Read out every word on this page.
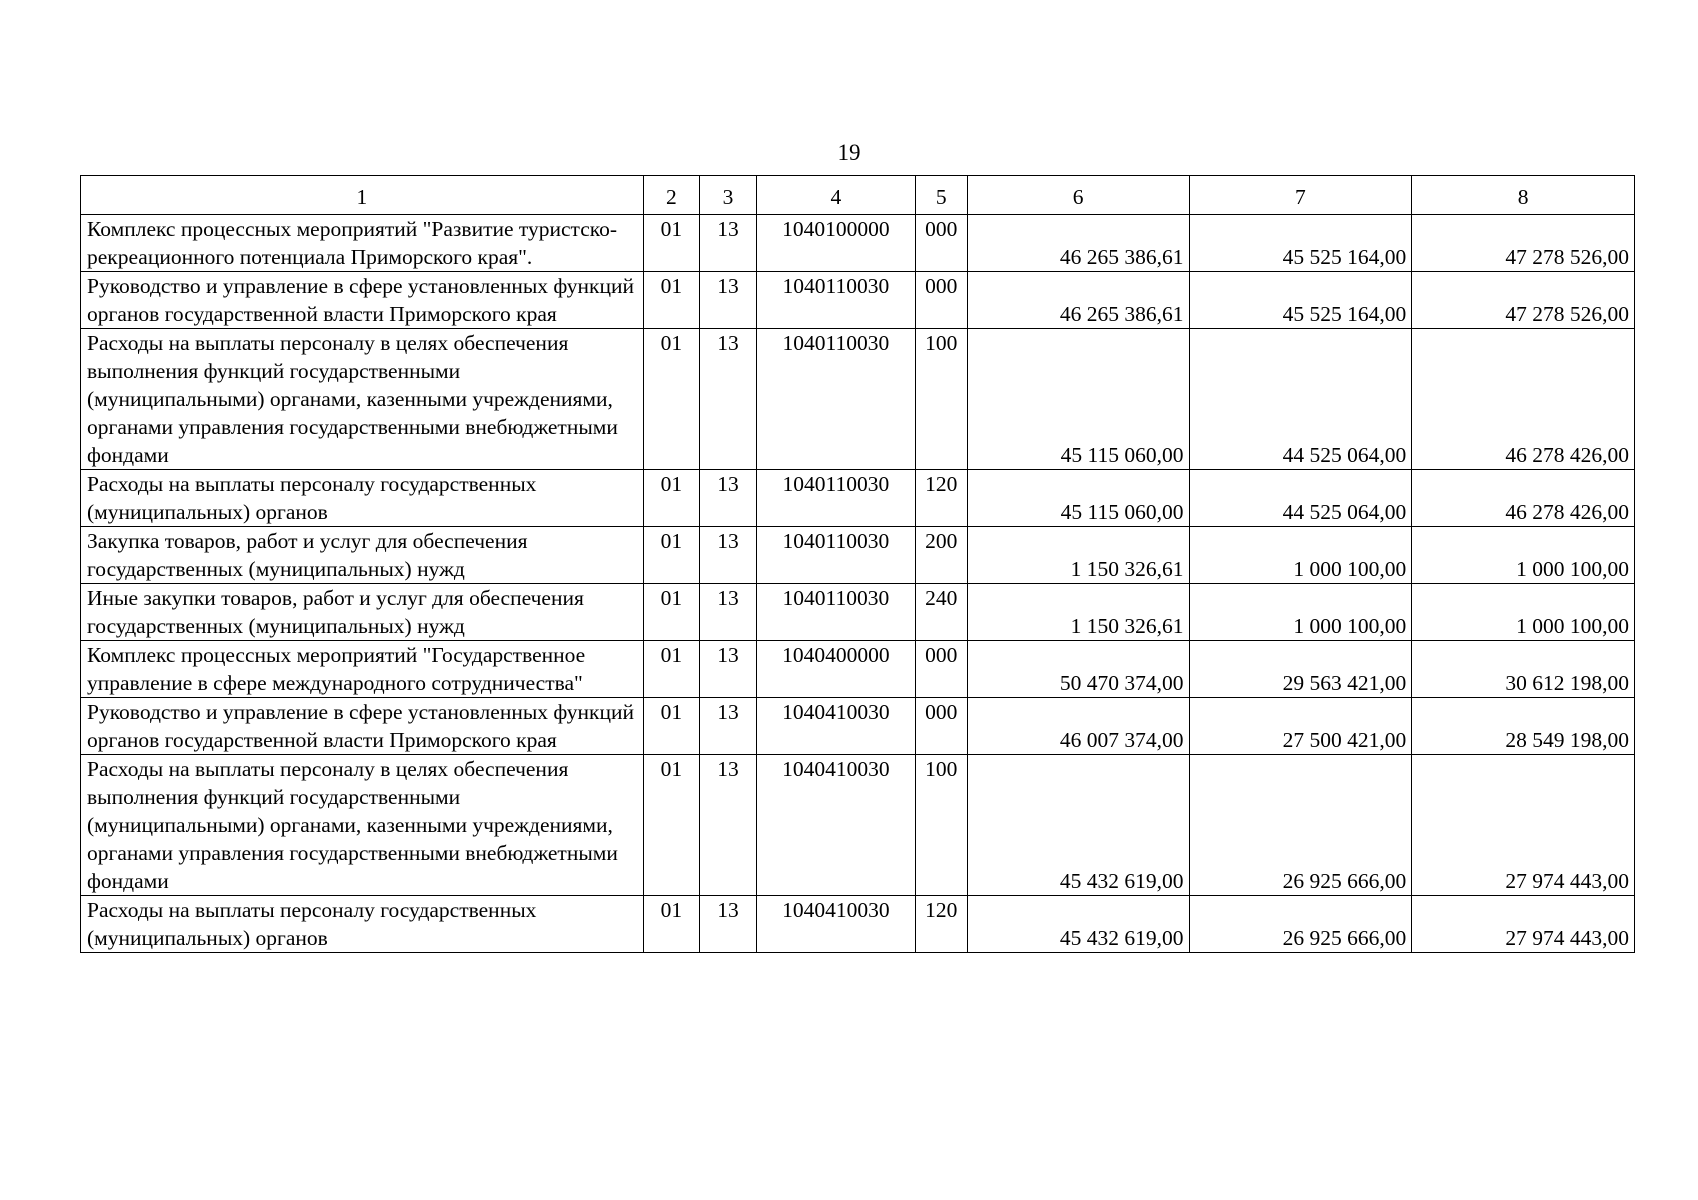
19
1	2	3	4	5	6	7	8
Комплекс процессных мероприятий "Развитие туристско-рекреационного потенциала Приморского края".	01	13	1040100000	000	46 265 386,61	45 525 164,00	47 278 526,00
Руководство и управление в сфере установленных функций органов государственной власти Приморского края	01	13	1040110030	000	46 265 386,61	45 525 164,00	47 278 526,00
Расходы на выплаты персоналу в целях обеспечения выполнения функций государственными (муниципальными) органами, казенными учреждениями, органами управления государственными внебюджетными фондами	01	13	1040110030	100	45 115 060,00	44 525 064,00	46 278 426,00
Расходы на выплаты персоналу государственных (муниципальных) органов	01	13	1040110030	120	45 115 060,00	44 525 064,00	46 278 426,00
Закупка товаров, работ и услуг для обеспечения государственных (муниципальных) нужд	01	13	1040110030	200	1 150 326,61	1 000 100,00	1 000 100,00
Иные закупки товаров, работ и услуг для обеспечения государственных (муниципальных) нужд	01	13	1040110030	240	1 150 326,61	1 000 100,00	1 000 100,00
Комплекс процессных мероприятий "Государственное управление в сфере международного сотрудничества"	01	13	1040400000	000	50 470 374,00	29 563 421,00	30 612 198,00
Руководство и управление в сфере установленных функций органов государственной власти Приморского края	01	13	1040410030	000	46 007 374,00	27 500 421,00	28 549 198,00
Расходы на выплаты персоналу в целях обеспечения выполнения функций государственными (муниципальными) органами, казенными учреждениями, органами управления государственными внебюджетными фондами	01	13	1040410030	100	45 432 619,00	26 925 666,00	27 974 443,00
Расходы на выплаты персоналу государственных (муниципальных) органов	01	13	1040410030	120	45 432 619,00	26 925 666,00	27 974 443,00
